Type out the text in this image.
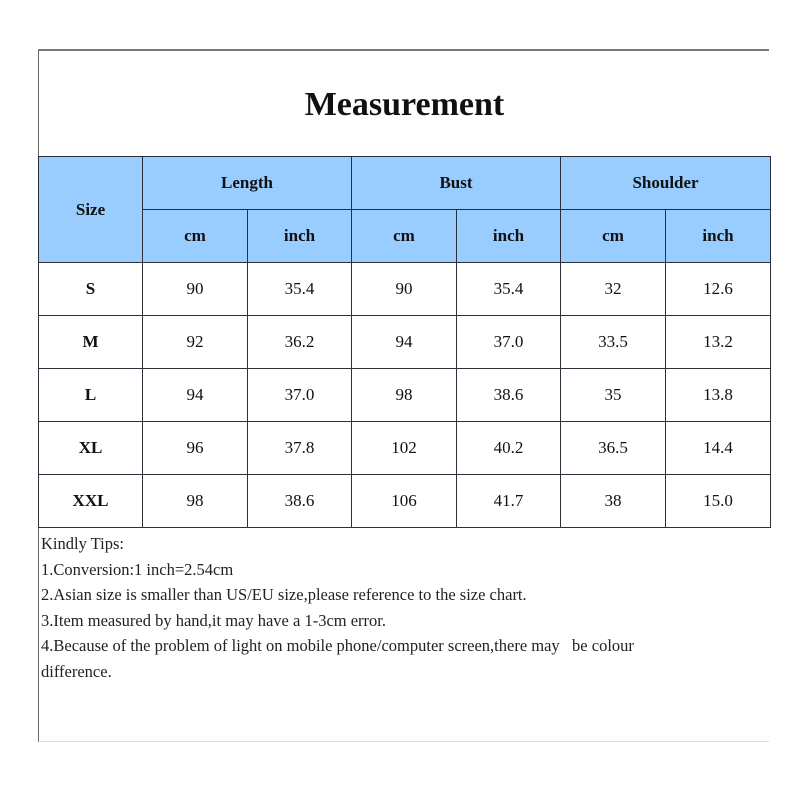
Measurement
Size	Length		Bust		Shoulder	
	cm	inch	cm	inch	cm	inch
S	90	35.4	90	35.4	32	12.6
M	92	36.2	94	37.0	33.5	13.2
L	94	37.0	98	38.6	35	13.8
XL	96	37.8	102	40.2	36.5	14.4
XXL	98	38.6	106	41.7	38	15.0
Kindly Tips:
1.Conversion:1 inch=2.54cm
2.Asian size is smaller than US/EU size,please reference to the size chart.
3.Item measured by hand,it may have a 1-3cm error.
4.Because of the problem of light on mobile phone/computer screen,there may   be colour
difference.
